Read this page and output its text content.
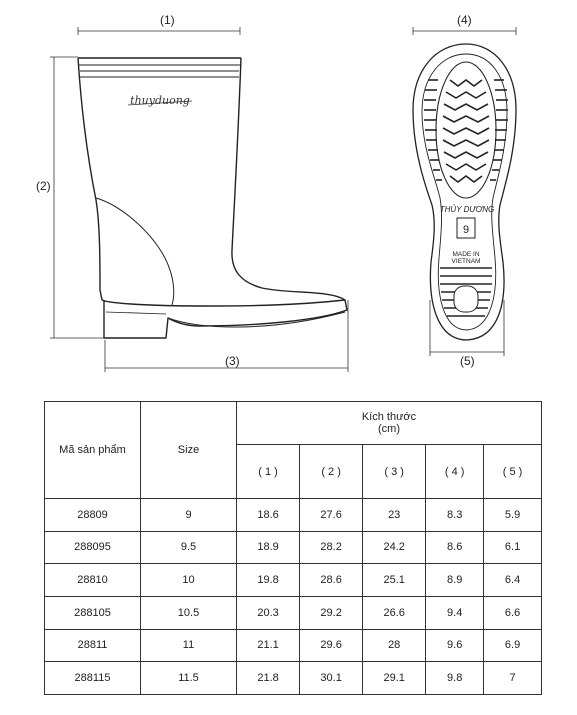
thuyduong
THỦY DƯƠNG
9
MADE IN
VIETNAM
(1)
(2)
(3)
(4)
(5)
Mã sản phẩm	Size	Kích thước
(cm)				

		( 1 )	( 2 )	( 3 )	( 4 )	( 5 )
28809	9	18.6	27.6	23	8.3	5.9
288095	9.5	18.9	28.2	24.2	8.6	6.1
28810	10	19.8	28.6	25.1	8.9	6.4
288105	10.5	20.3	29.2	26.6	9.4	6.6
28811	11	21.1	29.6	28	9.6	6.9
288115	11.5	21.8	30.1	29.1	9.8	7
